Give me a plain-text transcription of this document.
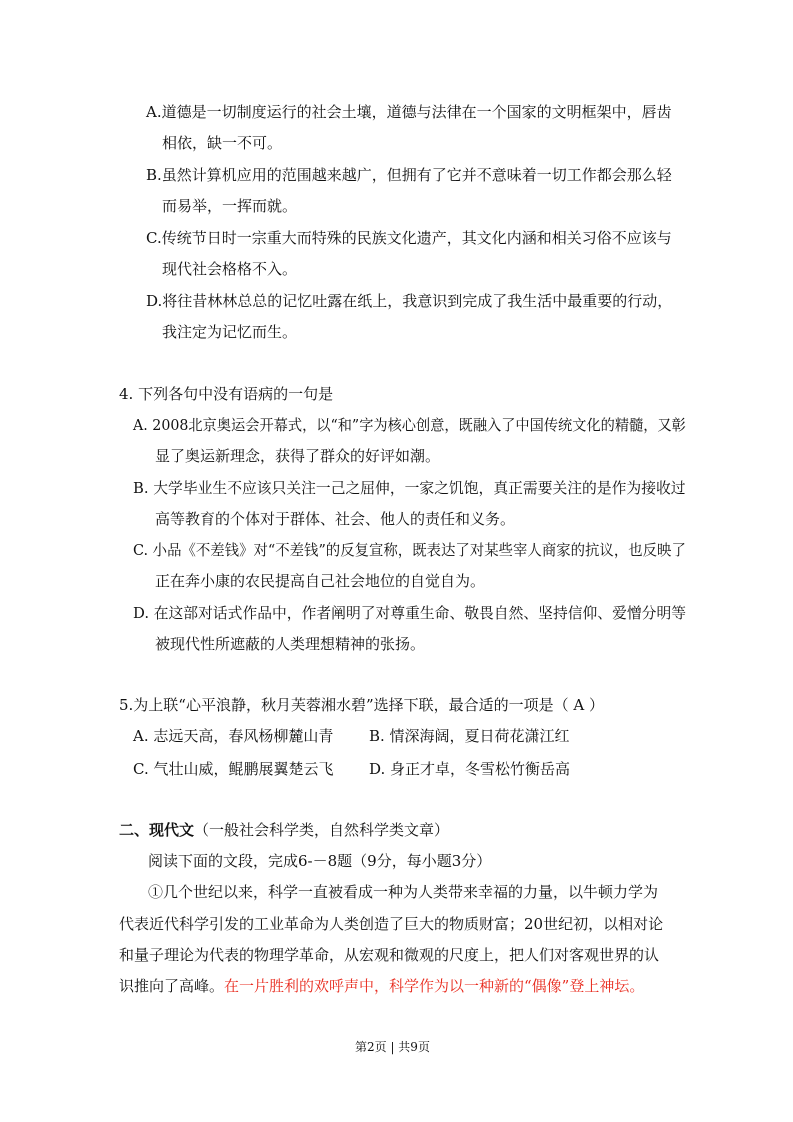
A.道德是一切制度运行的社会土壤，道德与法律在一个国家的文明框架中，唇齿
相依，缺一不可。
B.虽然计算机应用的范围越来越广，但拥有了它并不意味着一切工作都会那么轻
而易举，一挥而就。
C.传统节日时一宗重大而特殊的民族文化遗产，其文化内涵和相关习俗不应该与
现代社会格格不入。
D.将往昔林林总总的记忆吐露在纸上，我意识到完成了我生活中最重要的行动，
我注定为记忆而生。
4. 下列各句中没有语病的一句是
A. 2008北京奥运会开幕式，以“和”字为核心创意，既融入了中国传统文化的精髓，又彰
显了奥运新理念，获得了群众的好评如潮。
B. 大学毕业生不应该只关注一己之屈伸，一家之饥饱，真正需要关注的是作为接收过
高等教育的个体对于群体、社会、他人的责任和义务。
C. 小品《不差钱》对“不差钱”的反复宣称，既表达了对某些宰人商家的抗议，也反映了
正在奔小康的农民提高自己社会地位的自觉自为。
D. 在这部对话式作品中，作者阐明了对尊重生命、敬畏自然、坚持信仰、爱憎分明等
被现代性所遮蔽的人类理想精神的张扬。
5.为上联“心平浪静，秋月芙蓉湘水碧”选择下联，最合适的一项是（ A ）
A. 志远天高，春风杨柳麓山青 B. 情深海阔，夏日荷花潇江红
C. 气壮山威，鲲鹏展翼楚云飞 D. 身正才卓，冬雪松竹衡岳高
二、现代文（一般社会科学类，自然科学类文章）
阅读下面的文段，完成6-－8题（9分，每小题3分）
①几个世纪以来，科学一直被看成一种为人类带来幸福的力量，以牛顿力学为
代表近代科学引发的工业革命为人类创造了巨大的物质财富；20世纪初，以相对论
和量子理论为代表的物理学革命，从宏观和微观的尺度上，把人们对客观世界的认
识推向了高峰。在一片胜利的欢呼声中，科学作为以一种新的“偶像”登上神坛。
第2页 | 共9页
